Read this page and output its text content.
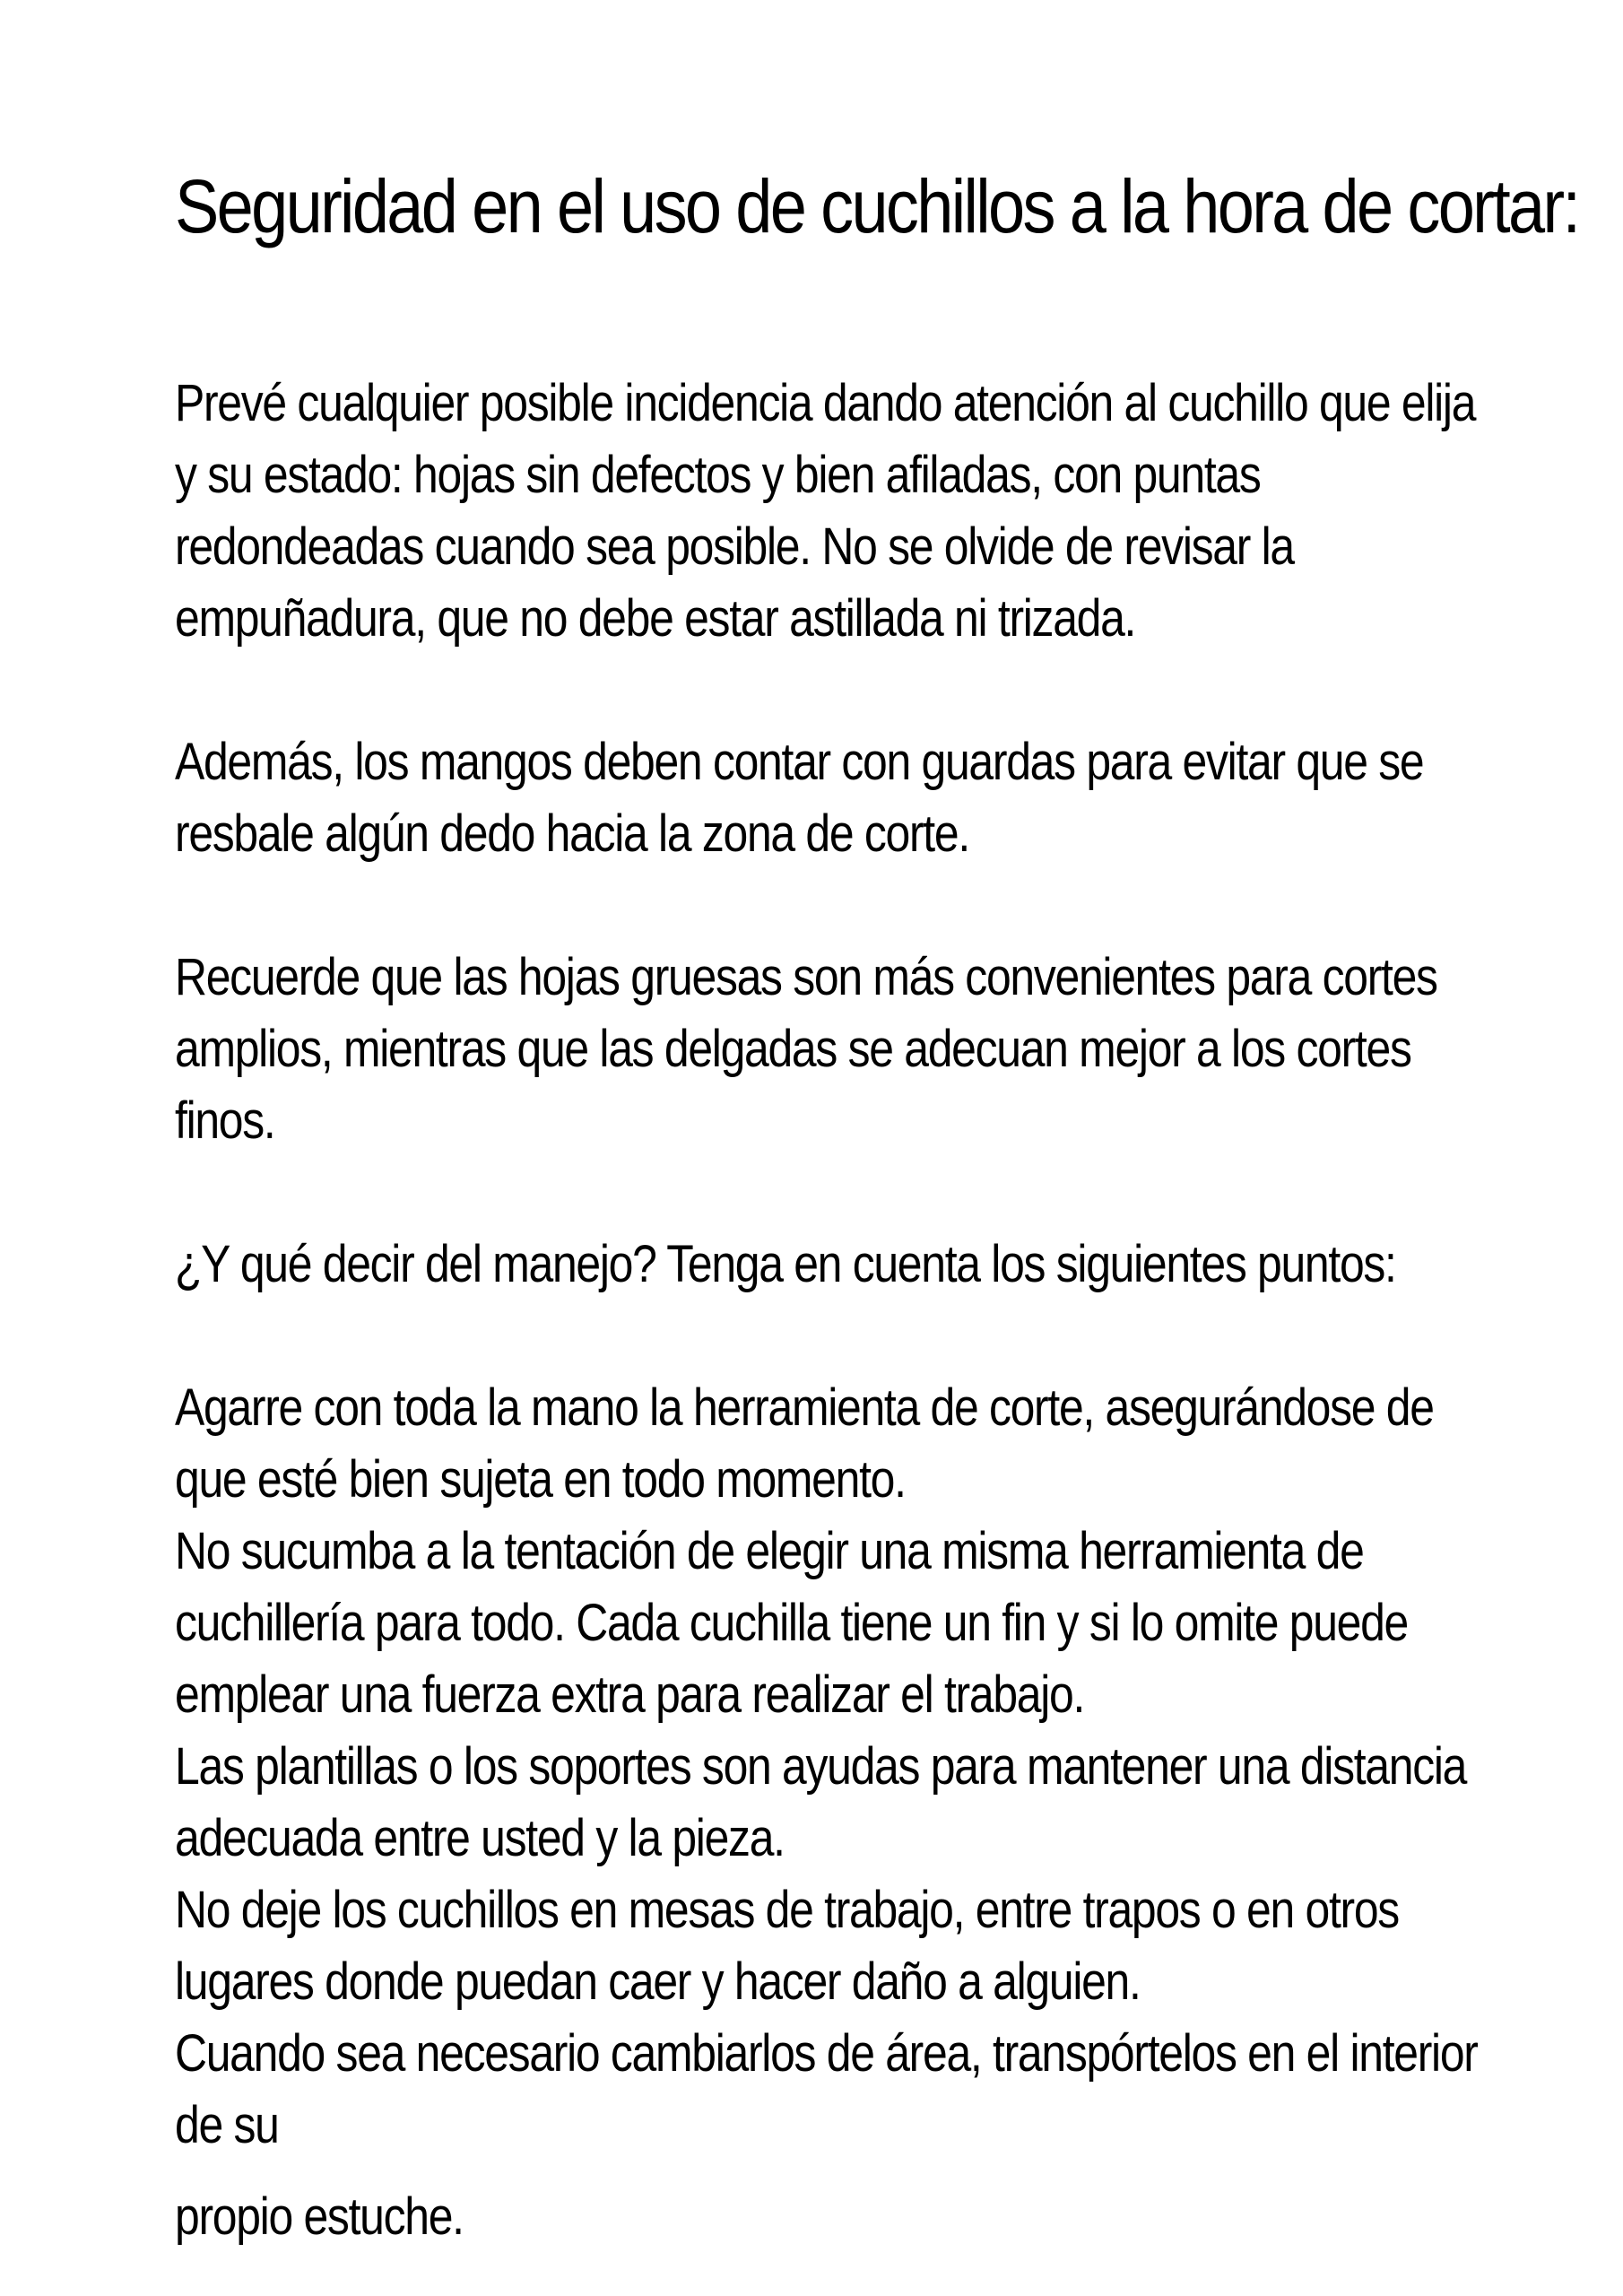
Seguridad en el uso de cuchillos a la hora de cortar:

Prevé cualquier posible incidencia dando atención al cuchillo que elija y su estado: hojas sin defectos y bien afiladas, con puntas redondeadas cuando sea posible. No se olvide de revisar la empuñadura, que no debe estar astillada ni trizada.

Además, los mangos deben contar con guardas para evitar que se resbale algún dedo hacia la zona de corte.

Recuerde que las hojas gruesas son más convenientes para cortes amplios, mientras que las delgadas se adecuan mejor a los cortes finos.

¿Y qué decir del manejo? Tenga en cuenta los siguientes puntos:

Agarre con toda la mano la herramienta de corte, asegurándose de que esté bien sujeta en todo momento.

No sucumba a la tentación de elegir una misma herramienta de cuchillería para todo. Cada cuchilla tiene un fin y si lo omite puede emplear una fuerza extra para realizar el trabajo.

Las plantillas o los soportes son ayudas para mantener una distancia adecuada entre usted y la pieza.

No deje los cuchillos en mesas de trabajo, entre trapos o en otros lugares donde puedan caer y hacer daño a alguien.

Cuando sea necesario cambiarlos de área, transpórtelos en el interior de su
propio estuche.
